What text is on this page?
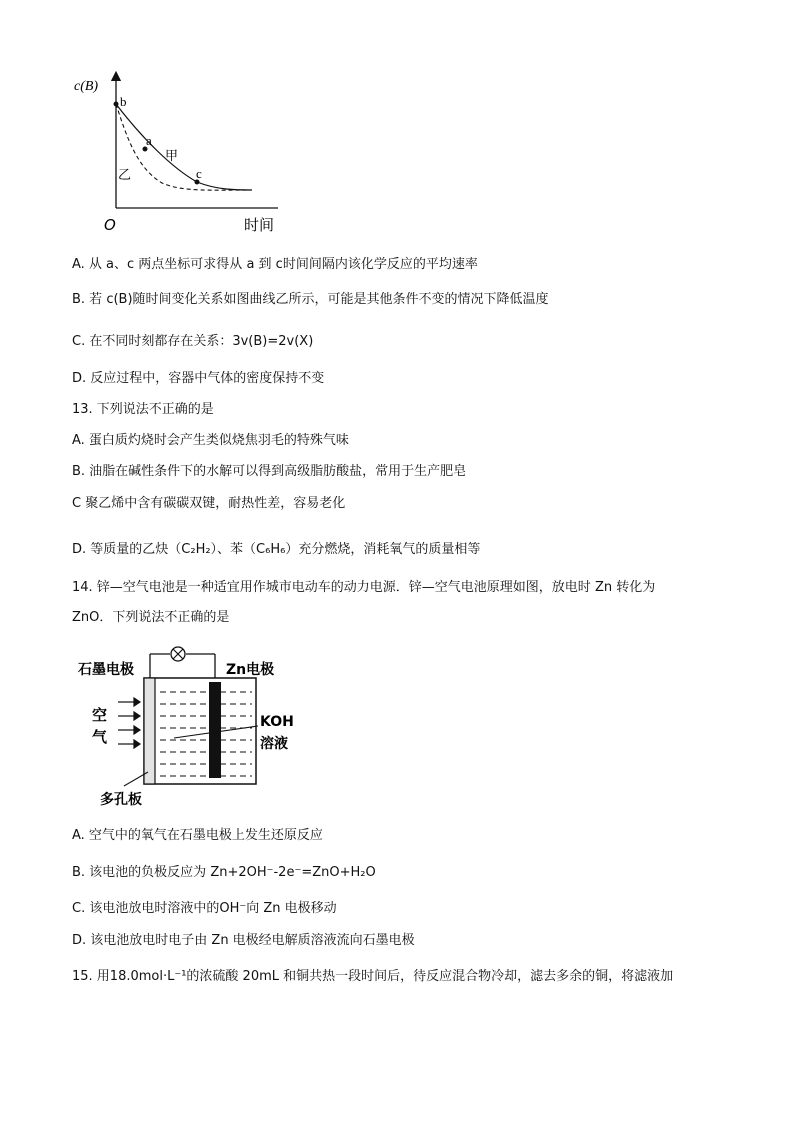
c(B)
O	时间
b
a
c
甲
乙
A. 从 a、c 两点坐标可求得从 a 到 c时间间隔内该化学反应的平均速率
B. 若 c(B)随时间变化关系如图曲线乙所示，可能是其他条件不变的情况下降低温度
C. 在不同时刻都存在关系：3v(B)=2v(X)
D. 反应过程中，容器中气体的密度保持不变
13. 下列说法不正确的是
A. 蛋白质灼烧时会产生类似烧焦羽毛的特殊气味
B. 油脂在碱性条件下的水解可以得到高级脂肪酸盐，常用于生产肥皂
C 聚乙烯中含有碳碳双键，耐热性差，容易老化
D. 等质量的乙炔（C₂H₂）、苯（C₆H₆）充分燃烧，消耗氧气的质量相等
14. 锌—空气电池是一种适宜用作城市电动车的动力电源．锌—空气电池原理如图，放电时 Zn 转化为
ZnO．下列说法不正确的是
石墨电极	Zn电极
空
气
KOH
溶液
多孔板
A. 空气中的氧气在石墨电极上发生还原反应
B. 该电池的负极反应为 Zn+2OH⁻-2e⁻=ZnO+H₂O
C. 该电池放电时溶液中的OH⁻向 Zn 电极移动
D. 该电池放电时电子由 Zn 电极经电解质溶液流向石墨电极
15. 用18.0mol·L⁻¹的浓硫酸 20mL 和铜共热一段时间后，待反应混合物冷却，滤去多余的铜，将滤液加
